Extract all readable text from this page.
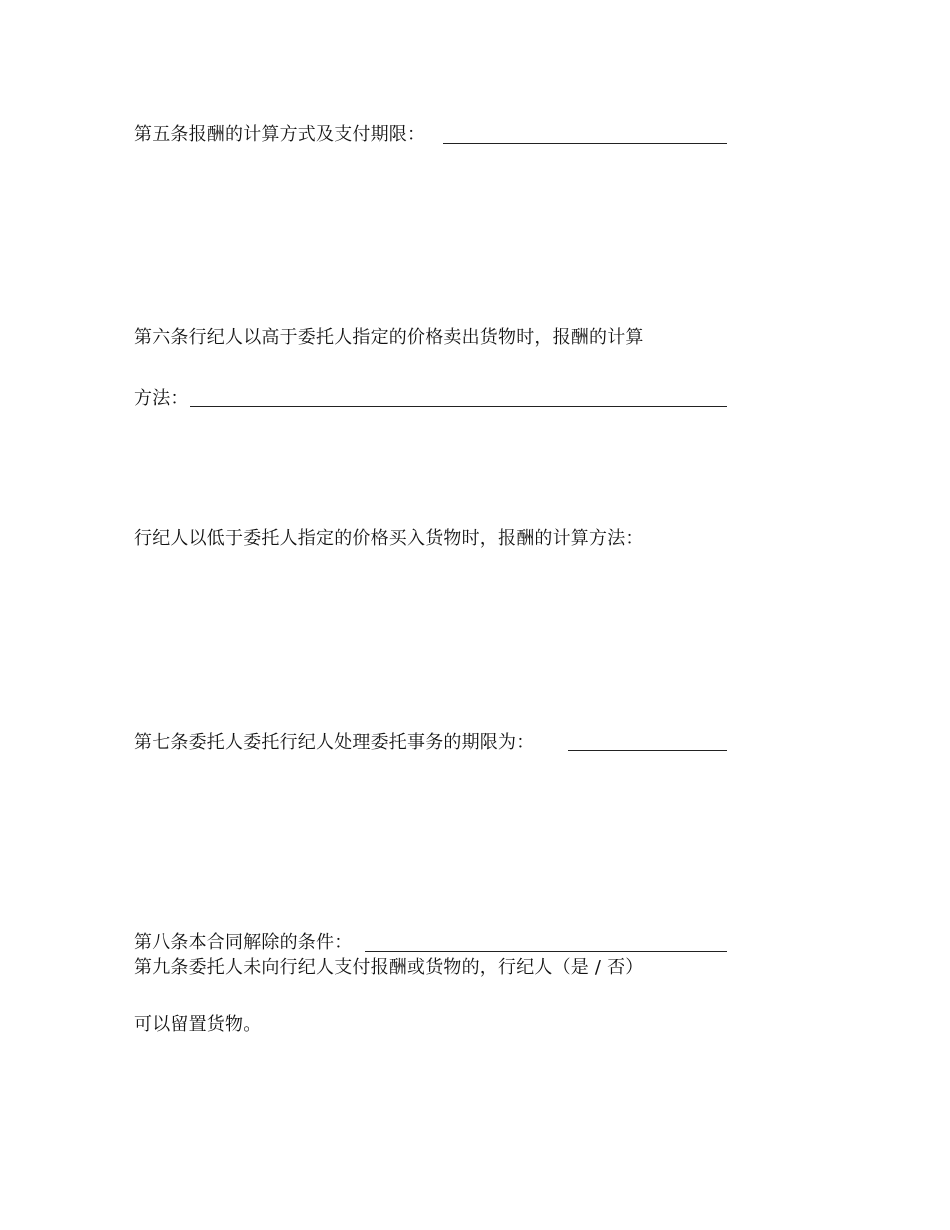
第五条报酬的计算方式及支付期限：
第六条行纪人以高于委托人指定的价格卖出货物时，报酬的计算
方法：
行纪人以低于委托人指定的价格买入货物时，报酬的计算方法：
第七条委托人委托行纪人处理委托事务的期限为：
第八条本合同解除的条件：
第九条委托人未向行纪人支付报酬或货物的，行纪人（是 / 否）
可以留置货物。
